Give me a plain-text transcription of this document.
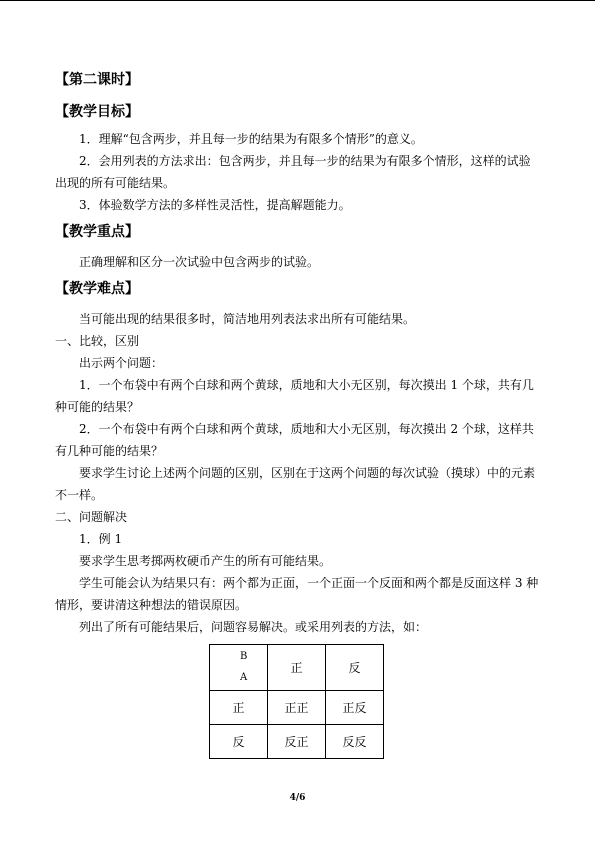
【第二课时】
【教学目标】
1．理解“包含两步，并且每一步的结果为有限多个情形”的意义。
2．会用列表的方法求出：包含两步，并且每一步的结果为有限多个情形，这样的试验出现的所有可能结果。
3．体验数学方法的多样性灵活性，提高解题能力。
【教学重点】
正确理解和区分一次试验中包含两步的试验。
【教学难点】
当可能出现的结果很多时，简洁地用列表法求出所有可能结果。
一、比较，区别
出示两个问题：
1．一个布袋中有两个白球和两个黄球，质地和大小无区别，每次摸出 1 个球，共有几种可能的结果？
2．一个布袋中有两个白球和两个黄球，质地和大小无区别，每次摸出 2 个球，这样共有几种可能的结果？
要求学生讨论上述两个问题的区别，区别在于这两个问题的每次试验（摸球）中的元素不一样。
二、问题解决
1．例 1
要求学生思考掷两枚硬币产生的所有可能结果。
学生可能会认为结果只有：两个都为正面，一个正面一个反面和两个都是反面这样 3 种情形，要讲清这种想法的错误原因。
列出了所有可能结果后，问题容易解决。或采用列表的方法，如：
B
A	正	反
正	正正	正反
反	反正	反反
4/6
